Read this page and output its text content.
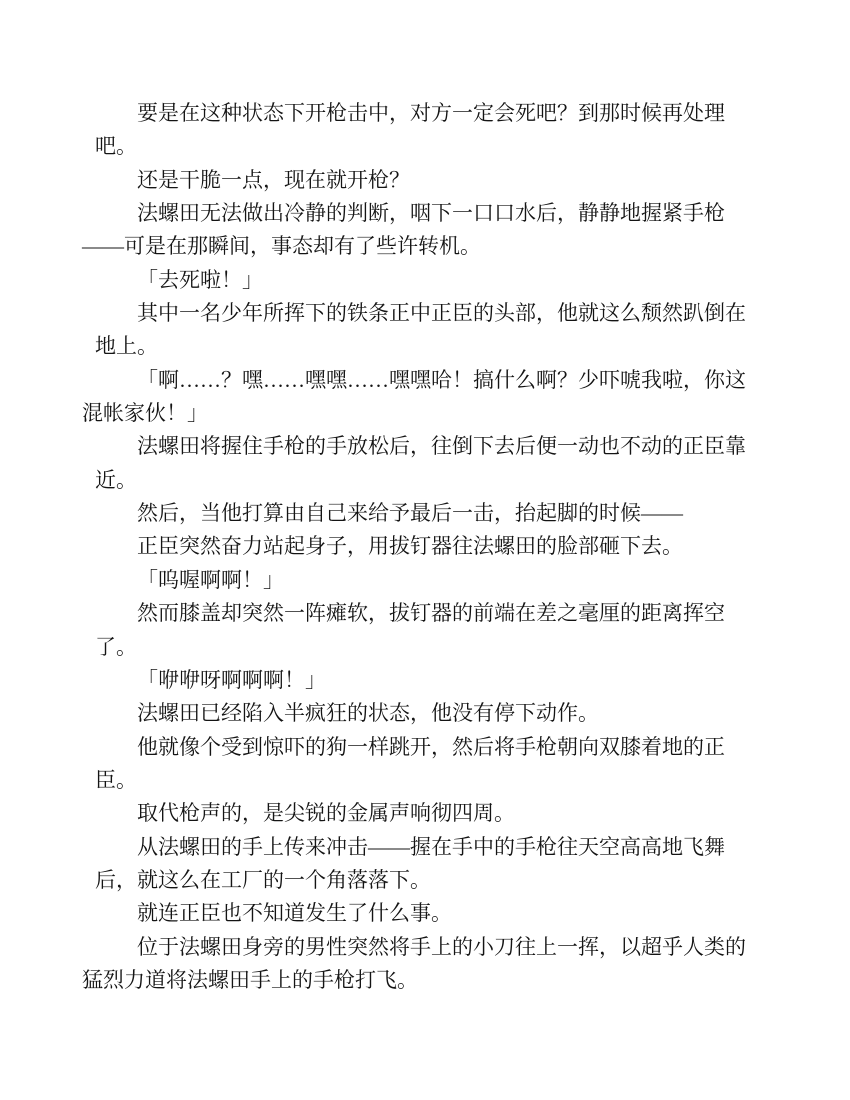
要是在这种状态下开枪击中，对方一定会死吧？到那时候再处理
吧。
还是干脆一点，现在就开枪？
法螺田无法做出冷静的判断，咽下一口口水后，静静地握紧手枪
——可是在那瞬间，事态却有了些许转机。
「去死啦！」
其中一名少年所挥下的铁条正中正臣的头部，他就这么颓然趴倒在
地上。
「啊……？嘿……嘿嘿……嘿嘿哈！搞什么啊？少吓唬我啦，你这
混帐家伙！」
法螺田将握住手枪的手放松后，往倒下去后便一动也不动的正臣靠
近。
然后，当他打算由自己来给予最后一击，抬起脚的时候——
正臣突然奋力站起身子，用拔钉器往法螺田的脸部砸下去。
「呜喔啊啊！」
然而膝盖却突然一阵瘫软，拔钉器的前端在差之毫厘的距离挥空
了。
「咿咿呀啊啊啊！」
法螺田已经陷入半疯狂的状态，他没有停下动作。
他就像个受到惊吓的狗一样跳开，然后将手枪朝向双膝着地的正
臣。
取代枪声的，是尖锐的金属声响彻四周。
从法螺田的手上传来冲击——握在手中的手枪往天空高高地飞舞
后，就这么在工厂的一个角落落下。
就连正臣也不知道发生了什么事。
位于法螺田身旁的男性突然将手上的小刀往上一挥，以超乎人类的
猛烈力道将法螺田手上的手枪打飞。
